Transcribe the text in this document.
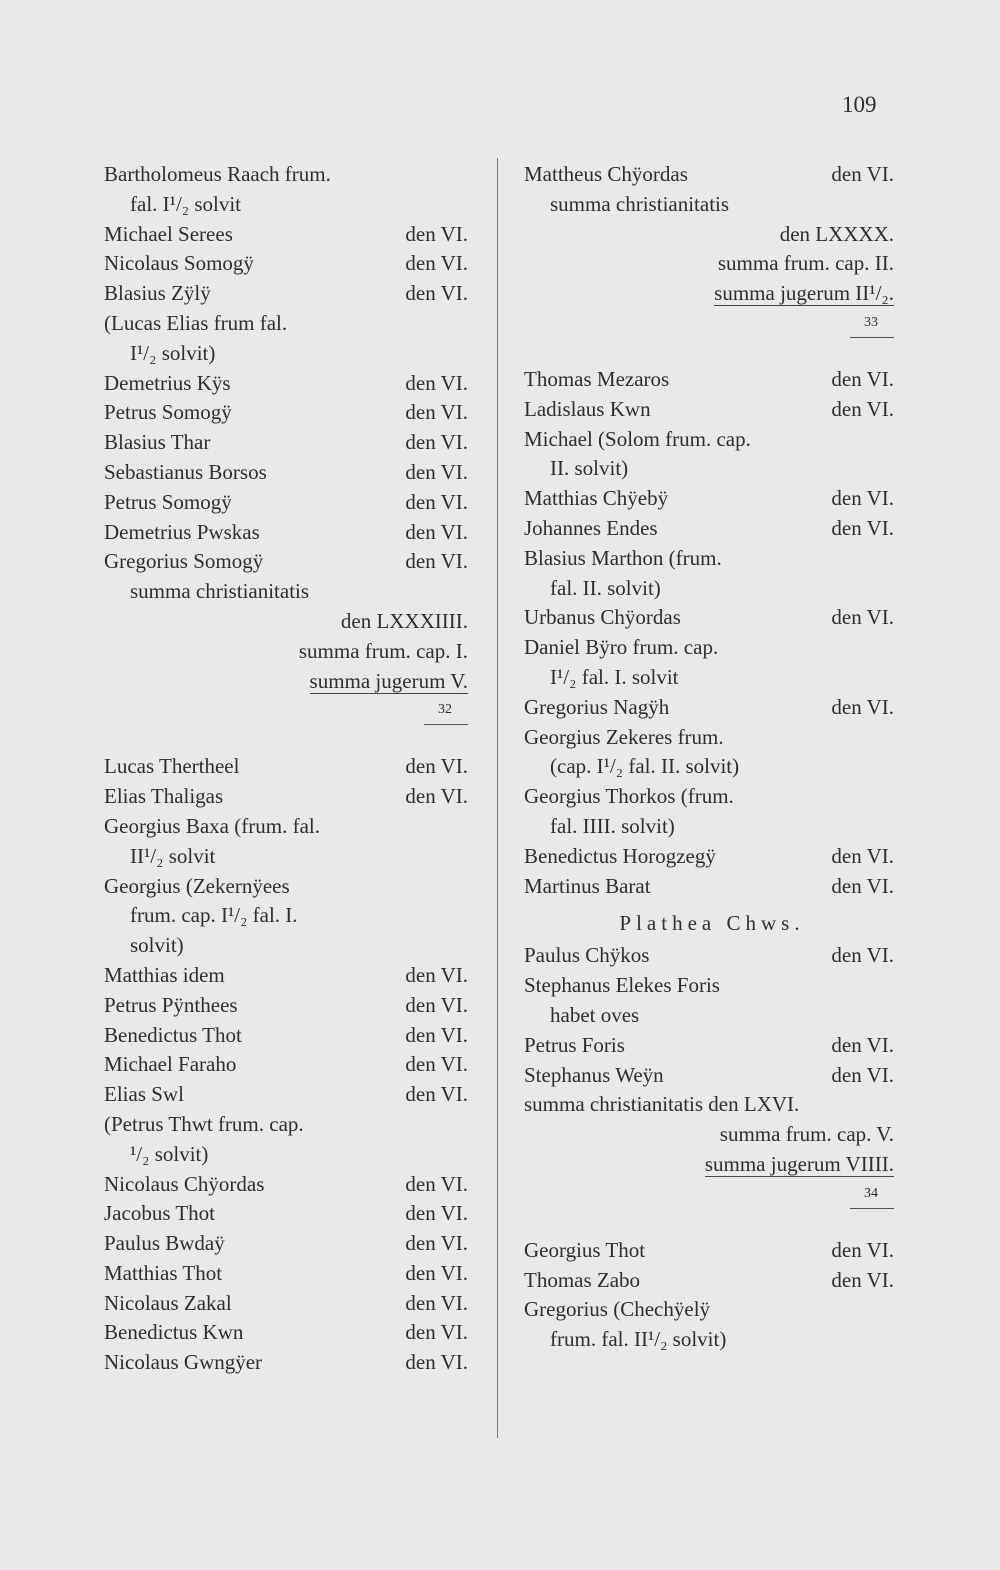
109
Bartholomeus Raach frum.
fal. I¹/₂ solvit
Michael Serees	den VI.
Nicolaus Somogÿ	den VI.
Blasius Zÿlÿ	den VI.
(Lucas Elias frum fal.
I¹/₂ solvit)
Demetrius Kÿs	den VI.
Petrus Somogÿ	den VI.
Blasius Thar	den VI.
Sebastianus Borsos	den VI.
Petrus Somogÿ	den VI.
Demetrius Pwskas	den VI.
Gregorius Somogÿ	den VI.
summa christianitatis
den LXXXIIII.
summa frum. cap. I.
summa jugerum V.
32
Lucas Thertheel	den VI.
Elias Thaligas	den VI.
Georgius Baxa (frum. fal.
II¹/₂ solvit
Georgius (Zekernÿees
frum. cap. I¹/₂ fal. I.
solvit)
Matthias idem	den VI.
Petrus Pÿnthees	den VI.
Benedictus Thot	den VI.
Michael Faraho	den VI.
Elias Swl	den VI.
(Petrus Thwt frum. cap.
¹/₂ solvit)
Nicolaus Chÿordas	den VI.
Jacobus Thot	den VI.
Paulus Bwdaÿ	den VI.
Matthias Thot	den VI.
Nicolaus Zakal	den VI.
Benedictus Kwn	den VI.
Nicolaus Gwngÿer	den VI.
Mattheus Chÿordas	den VI.
summa christianitatis
den LXXXX.
summa frum. cap. II.
summa jugerum II¹/₂.
33
Thomas Mezaros	den VI.
Ladislaus Kwn	den VI.
Michael (Solom frum. cap.
II. solvit)
Matthias Chÿebÿ	den VI.
Johannes Endes	den VI.
Blasius Marthon (frum.
fal. II. solvit)
Urbanus Chÿordas	den VI.
Daniel Bÿro frum. cap.
I¹/₂ fal. I. solvit
Gregorius Nagÿh	den VI.
Georgius Zekeres frum.
(cap. I¹/₂ fal. II. solvit)
Georgius Thorkos (frum.
fal. IIII. solvit)
Benedictus Horogzegÿ	den VI.
Martinus Barat	den VI.
Plathea Chws.
Paulus Chÿkos	den VI.
Stephanus Elekes Foris
habet oves
Petrus Foris	den VI.
Stephanus Weÿn	den VI.
summa christianitatis den LXVI.
summa frum. cap. V.
summa jugerum VIIII.
34
Georgius Thot	den VI.
Thomas Zabo	den VI.
Gregorius (Chechÿelÿ
frum. fal. II¹/₂ solvit)
